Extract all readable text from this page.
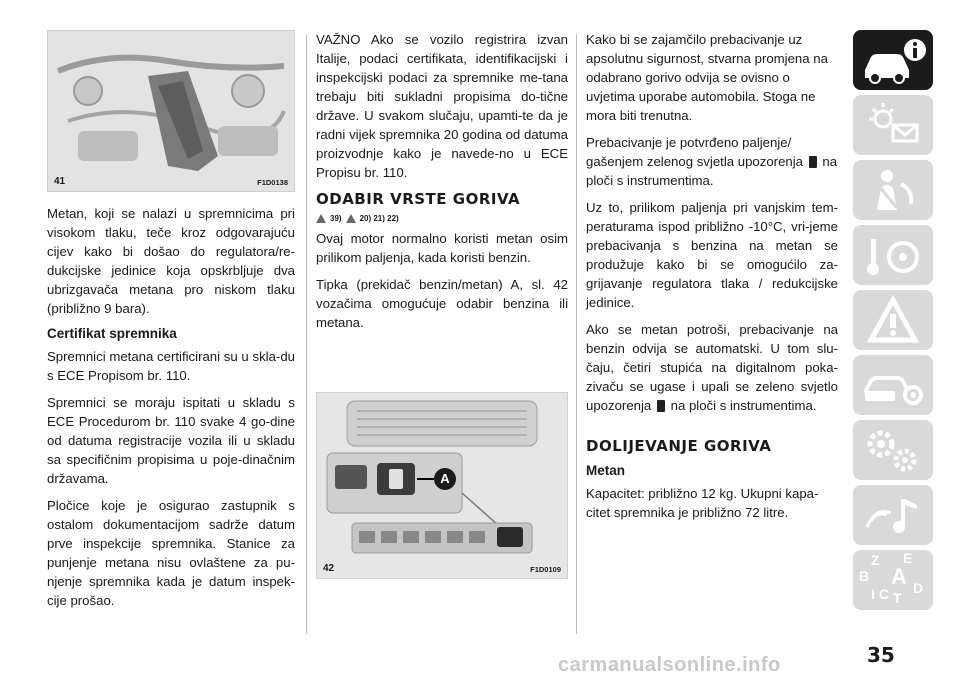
41	F1D0138

Metan, koji se nalazi u spremnicima pri visokom tlaku, teče kroz odgovarajuću cijev kako bi došao do regulatora/re-dukcijske jedinice koja opskrbljuje dva ubrizgavača metana pro niskom tlaku (približno 9 bara).

Certifikat spremnika

Spremnici metana certificirani su u skla-du s ECE Propisom br. 110.

Spremnici se moraju ispitati u skladu s ECE Procedurom br. 110 svake 4 go-dine od datuma registracije vozila ili u skladu sa specifičnim propisima u poje-dinačnim državama.

Pločice koje je osigurao zastupnik s ostalom dokumentacijom sadrže datum prve inspekcije spremnika. Stanice za punjenje metana nisu ovlaštene za pu-njenje spremnika kada je datum inspek-cije prošao.

VAŽNO Ako se vozilo registrira izvan Italije, podaci certifikata, identifikacijski i inspekcijski podaci za spremnike me-tana trebaju biti sukladni propisima do-tične države. U svakom slučaju, upamti-te da je radni vijek spremnika 20 godina od datuma proizvodnje kako je navede-no u ECE Propisu br. 110.

ODABIR VRSTE GORIVA
39) 20) 21) 22)

Ovaj motor normalno koristi metan osim prilikom paljenja, kada koristi benzin.

Tipka (prekidač benzin/metan) A, sl. 42 vozačima omogućuje odabir benzina ili metana.

A
42	F1D0109

Kako bi se zajamčilo prebacivanje uz apsolutnu sigurnost, stvarna promjena na odabrano gorivo odvija se ovisno o uvjetima uporabe automobila. Stoga ne mora biti trenutna.

Prebacivanje je potvrđeno paljenje/ gašenjem zelenog svjetla upozorenja na ploči s instrumentima.

Uz to, prilikom paljenja pri vanjskim tem-peraturama ispod približno -10°C, vri-jeme prebacivanja s benzina na metan se produžuje kako bi se omogućilo za-grijavanje regulatora tlaka / redukcijske jedinice.

Ako se metan potroši, prebacivanje na benzin odvija se automatski. U tom slu-čaju, četiri stupića na digitalnom poka-zivaču se ugase i upali se zeleno svjetlo upozorenja na ploči s instrumentima.

DOLIJEVANJE GORIVA
Metan

Kapacitet: približno 12 kg. Ukupni kapa-citet spremnika je približno 72 litre.

Z E
B A
I C T
D
35
carmanualsonline.info
